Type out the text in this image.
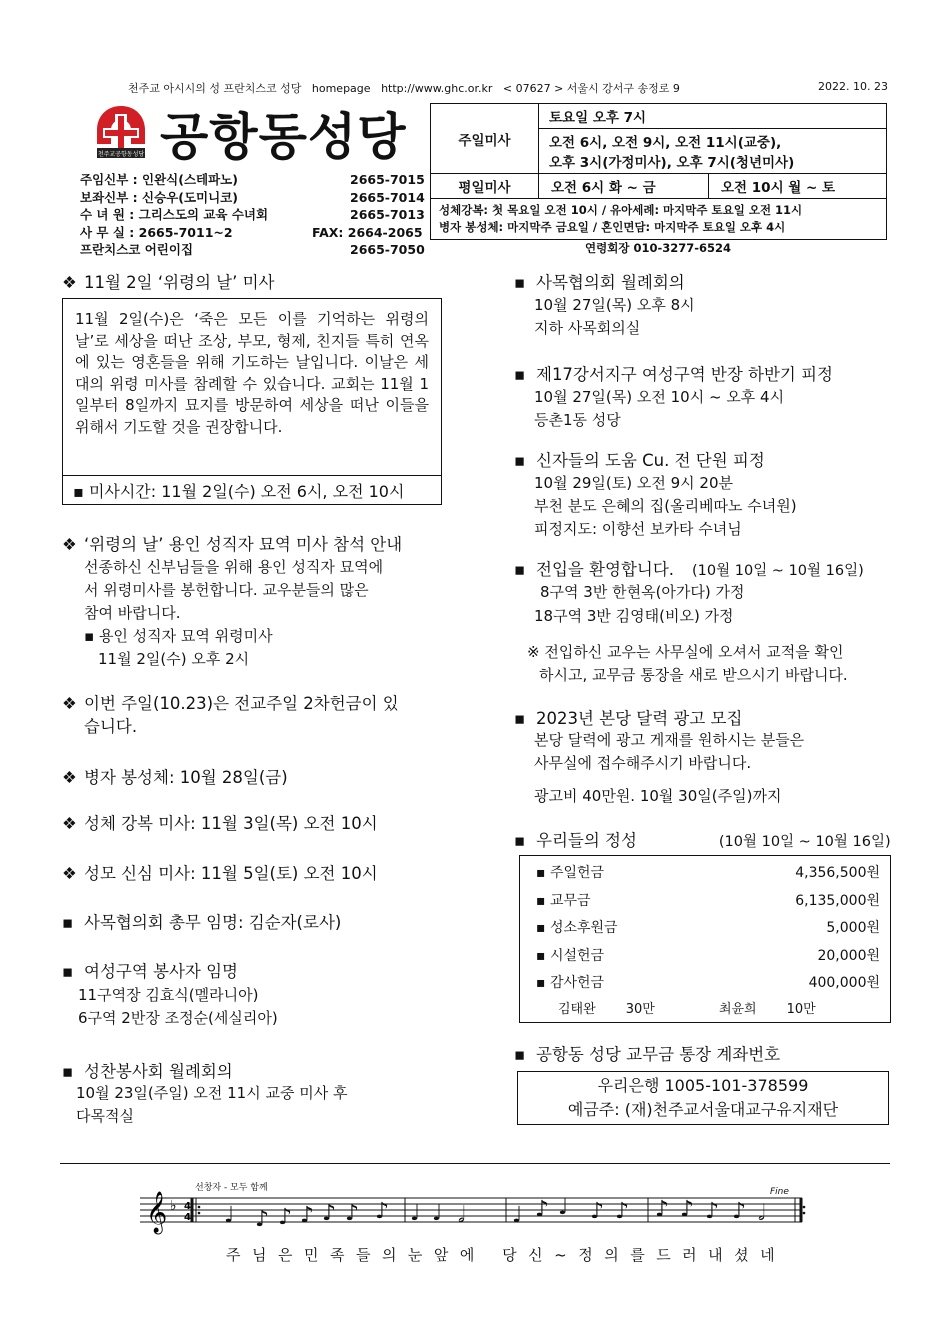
천주교 아시시의 성 프란치스코 성당 homepage http://www.ghc.or.kr < 07627 > 서울시 강서구 송정로 9	2022. 10. 23
천주교공항동성당 공항동성당
주임신부 : 인완식(스테파노)	2665-7015
보좌신부 : 신승우(도미니코)	2665-7014
수 녀 원 : 그리스도의 교육 수녀회	2665-7013
사 무 실 : 2665-7011~2	FAX: 2664-2065
프란치스코 어린이집	2665-7050
주일미사
토요일 오후 7시
오전 6시, 오전 9시, 오전 11시(교중),
오후 3시(가정미사), 오후 7시(청년미사)
평일미사	오전 6시 화 ~ 금	오전 10시 월 ~ 토
성체강복: 첫 목요일 오전 10시 / 유아세례: 마지막주 토요일 오전 11시
병자 봉성체: 마지막주 금요일 / 혼인면담: 마지막주 토요일 오후 4시
연령회장 010-3277-6524
❖ 11월 2일 ‘위령의 날’ 미사
11월 2일(수)은 ‘죽은 모든 이를 기억하는 위령의 날’로 세상을 떠난 조상, 부모, 형제, 친지들 특히 연옥에 있는 영혼들을 위해 기도하는 날입니다. 이날은 세 대의 위령 미사를 참례할 수 있습니다. 교회는 11월 1일부터 8일까지 묘지를 방문하여 세상을 떠난 이들을 위해서 기도할 것을 권장합니다.
▪ 미사시간: 11월 2일(수) 오전 6시, 오전 10시
❖ ‘위령의 날’ 용인 성직자 묘역 미사 참석 안내
선종하신 신부님들을 위해 용인 성직자 묘역에
서 위령미사를 봉헌합니다. 교우분들의 많은
참여 바랍니다.
▪ 용인 성직자 묘역 위령미사
11월 2일(수) 오후 2시
❖ 이번 주일(10.23)은 전교주일 2차헌금이 있
습니다.
❖ 병자 봉성체: 10월 28일(금)
❖ 성체 강복 미사: 11월 3일(목) 오전 10시
❖ 성모 신심 미사: 11월 5일(토) 오전 10시
▪ 사목협의회 총무 임명: 김순자(로사)
▪ 여성구역 봉사자 임명
11구역장 김효식(멜라니아)
6구역 2반장 조정순(세실리아)
▪ 성찬봉사회 월례회의
10월 23일(주일) 오전 11시 교중 미사 후
다목적실
▪ 사목협의회 월례회의
10월 27일(목) 오후 8시
지하 사목회의실
▪ 제17강서지구 여성구역 반장 하반기 피정
10월 27일(목) 오전 10시 ~ 오후 4시
등촌1동 성당
▪ 신자들의 도움 Cu. 전 단원 피정
10월 29일(토) 오전 9시 20분
부천 분도 은혜의 집(올리베따노 수녀원)
피정지도: 이향선 보카타 수녀님
▪ 전입을 환영합니다. (10월 10일 ~ 10월 16일)
8구역 3반 한현옥(아가다) 가정
18구역 3반 김영태(비오) 가정
※ 전입하신 교우는 사무실에 오셔서 교적을 확인
하시고, 교무금 통장을 새로 받으시기 바랍니다.
▪ 2023년 본당 달력 광고 모집
본당 달력에 광고 게재를 원하시는 분들은
사무실에 접수해주시기 바랍니다.
광고비 40만원. 10월 30일(주일)까지
▪ 우리들의 정성	(10월 10일 ~ 10월 16일)
▪ 주일헌금	4,356,500원
▪ 교무금	6,135,000원
▪ 성소후원금	5,000원
▪ 시설헌금	20,000원
▪ 감사헌금	400,000원
김태완 30만	최윤희 10만
▪ 공항동 성당 교무금 통장 계좌번호
우리은행 1005-101-378599
예금주: (재)천주교서울대교구유지재단
선창자 - 모두 함께	Fine
𝄞 ♭ 4
4 ♩ ♪ ♪ ♪ ♪ ♪ ♪ ♩ ♩ 𝅗𝅥 ♩ ♪ ♩ ♪ ♪ ♪ ♪ ♪ ♪ 𝅗𝅥
주님은민족들의눈앞에 당신~정의를드러내셨네
